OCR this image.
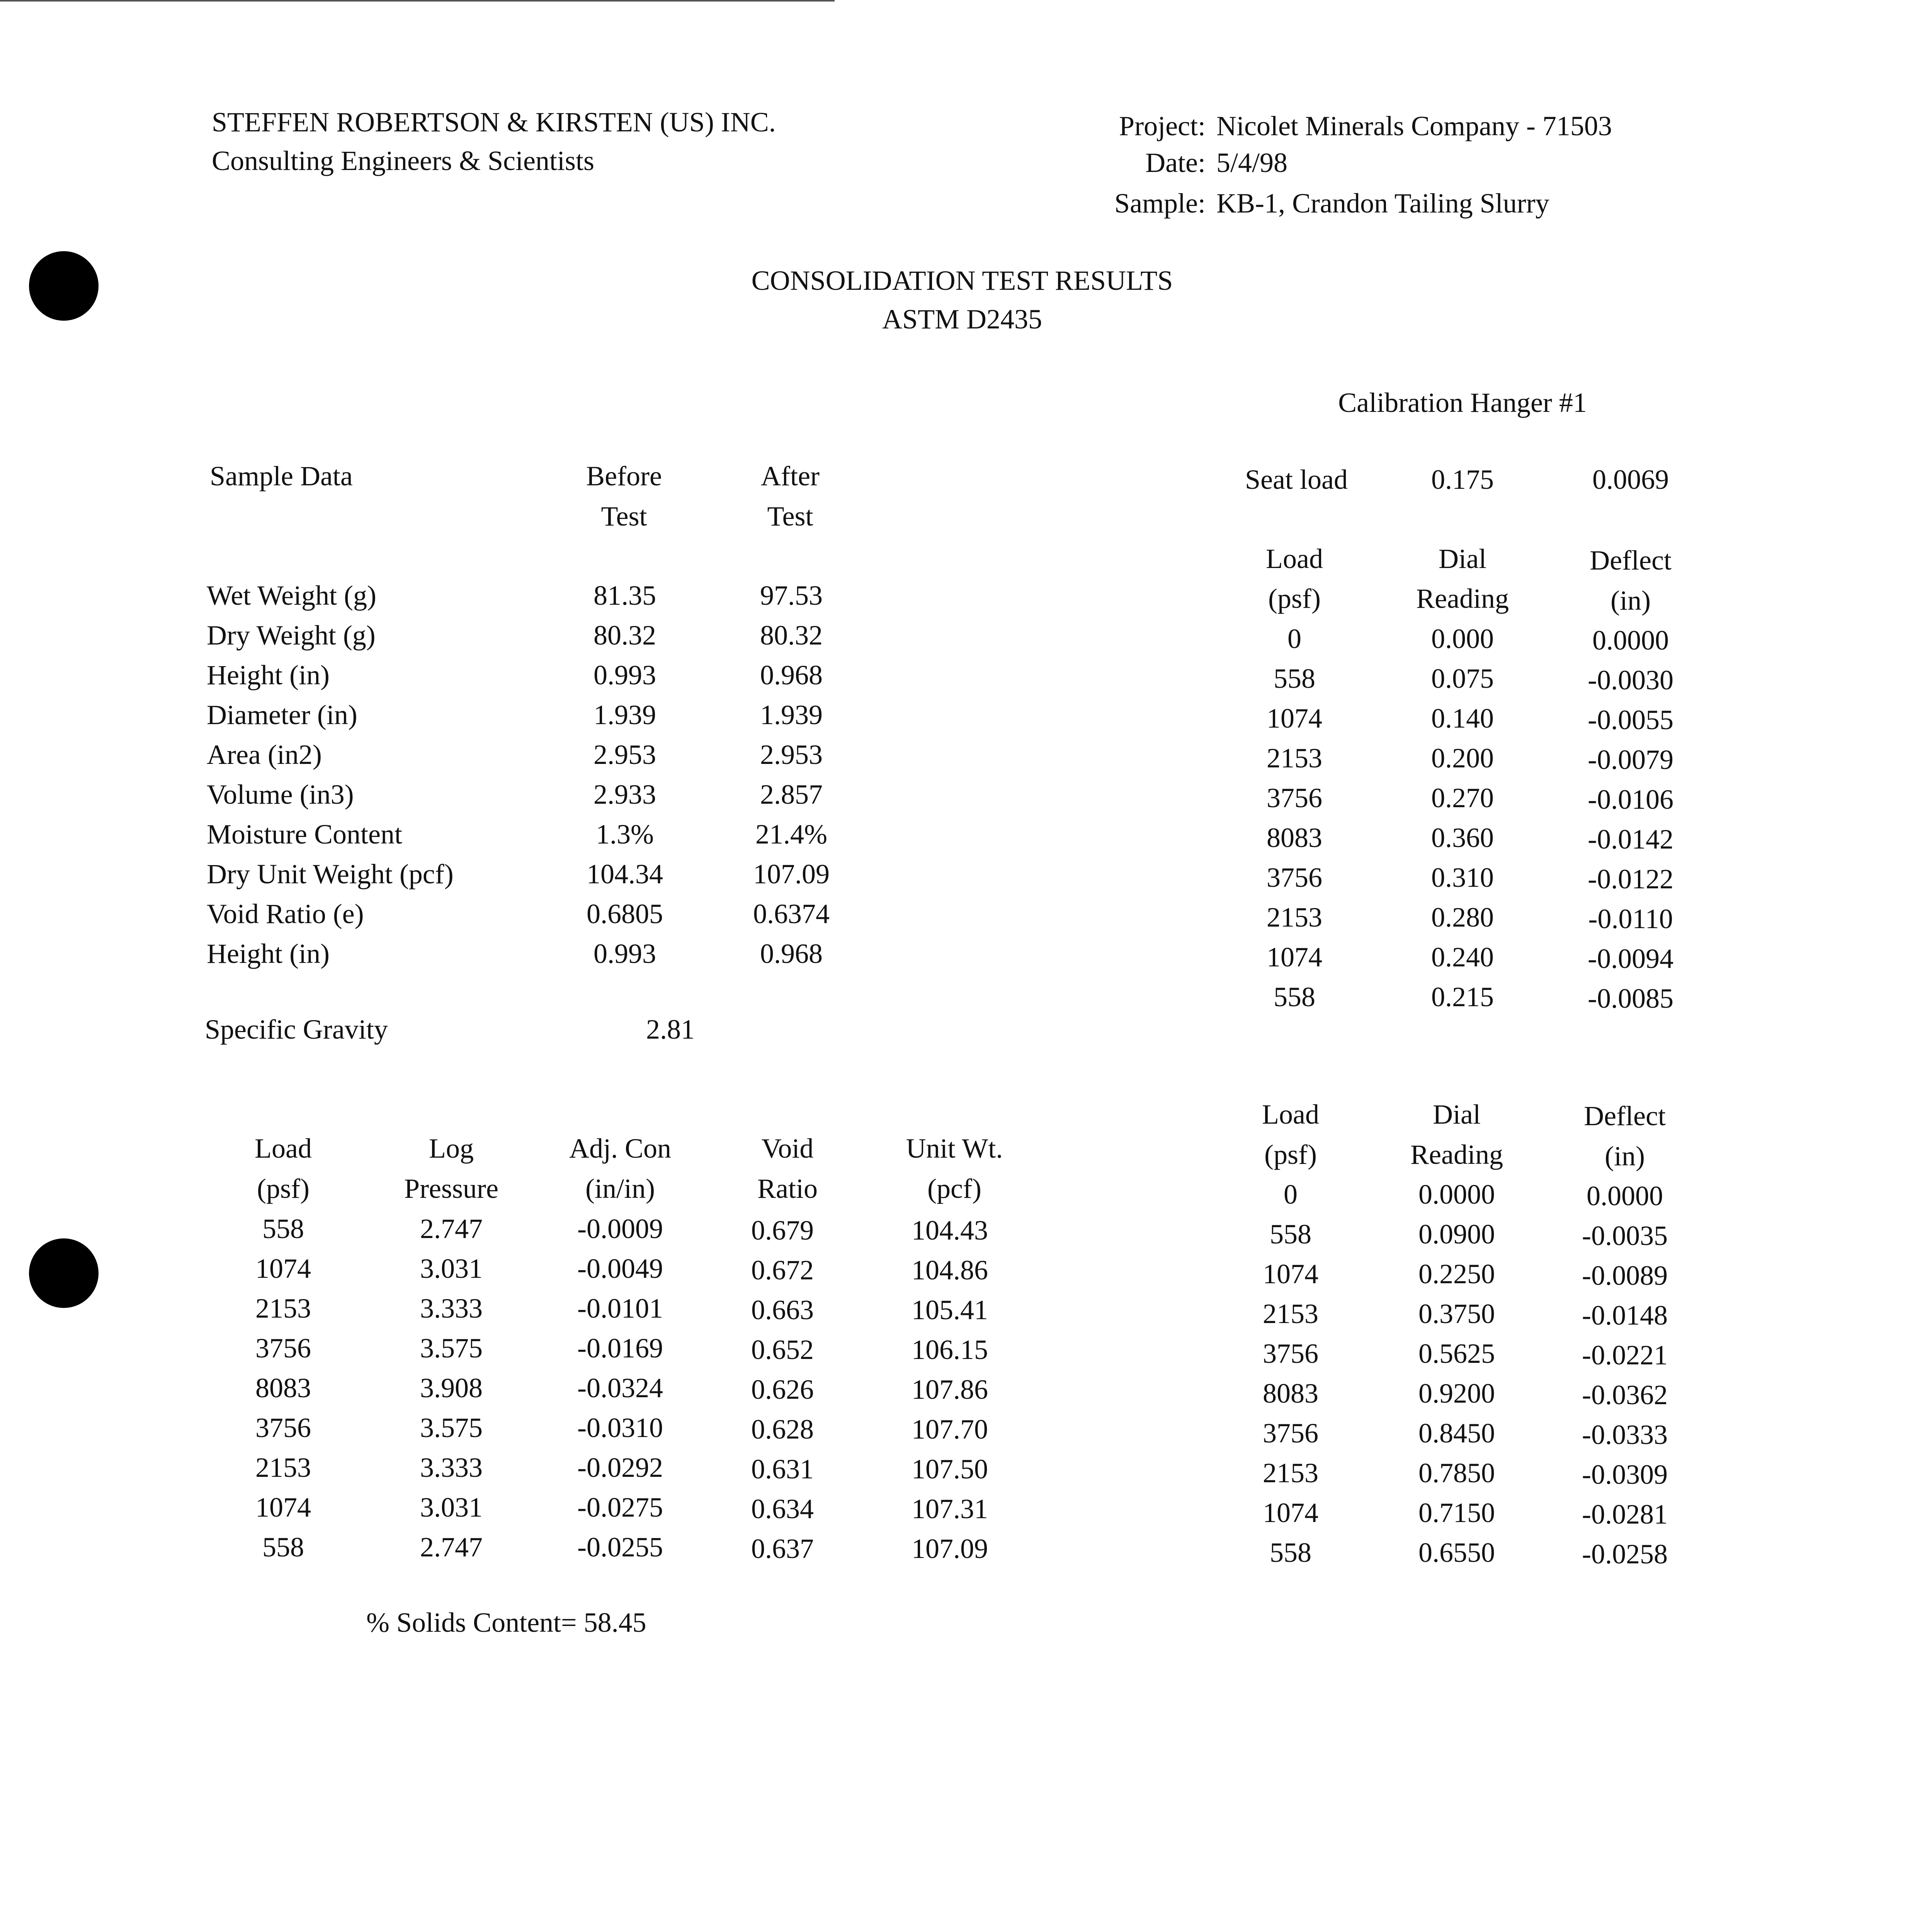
STEFFEN ROBERTSON & KIRSTEN (US) INC.
Consulting Engineers & Scientists
Project: Nicolet Minerals Company - 71503
Date: 5/4/98
Sample: KB-1, Crandon Tailing Slurry
CONSOLIDATION TEST RESULTS
ASTM D2435
Sample Data	Before
Test
After
Test
Wet Weight (g)	81.35	97.53
Dry Weight (g)	80.32	80.32
Height (in)	0.993	0.968
Diameter (in)	1.939	1.939
Area (in2)	2.953	2.953
Volume (in3)	2.933	2.857
Moisture Content	1.3%	21.4%
Dry Unit Weight (pcf)	104.34	107.09
Void Ratio (e)	0.6805	0.6374
Height (in)	0.993	0.968
Specific Gravity	2.81
Calibration Hanger #1
Seat load	0.175	0.0069
Load
(psf)
Dial
Reading
Deflect
(in)
0	0.000	0.0000
558	0.075	-0.0030
1074	0.140	-0.0055
2153	0.200	-0.0079
3756	0.270	-0.0106
8083	0.360	-0.0142
3756	0.310	-0.0122
2153	0.280	-0.0110
1074	0.240	-0.0094
558	0.215	-0.0085
Load
(psf)
Log
Pressure
Adj. Con
(in/in)
Void
Ratio
Unit Wt.
(pcf)
558	2.747	-0.0009	0.679	104.43
1074	3.031	-0.0049	0.672	104.86
2153	3.333	-0.0101	0.663	105.41
3756	3.575	-0.0169	0.652	106.15
8083	3.908	-0.0324	0.626	107.86
3756	3.575	-0.0310	0.628	107.70
2153	3.333	-0.0292	0.631	107.50
1074	3.031	-0.0275	0.634	107.31
558	2.747	-0.0255	0.637	107.09
% Solids Content= 58.45
Load
(psf)
Dial
Reading
Deflect
(in)
0	0.0000	0.0000
558	0.0900	-0.0035
1074	0.2250	-0.0089
2153	0.3750	-0.0148
3756	0.5625	-0.0221
8083	0.9200	-0.0362
3756	0.8450	-0.0333
2153	0.7850	-0.0309
1074	0.7150	-0.0281
558	0.6550	-0.0258
